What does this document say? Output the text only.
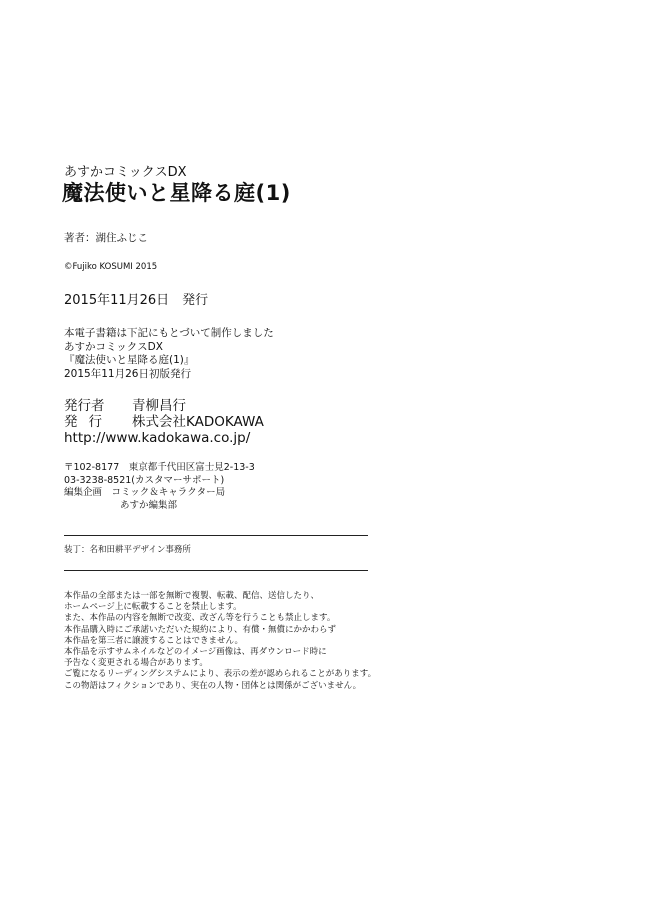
あすかコミックスDX
魔法使いと星降る庭(1)
著者：湖住ふじこ
©Fujiko KOSUMI 2015
2015年11月26日　発行
本電子書籍は下記にもとづいて制作しました
あすかコミックスDX
『魔法使いと星降る庭(1)』
2015年11月26日初版発行
発行者 青柳昌行
発行 株式会社KADOKAWA
http://www.kadokawa.co.jp/
〒102-8177　東京都千代田区富士見2-13-3
03-3238-8521(カスタマーサポート)
編集企画　コミック＆キャラクター局
あすか編集部
装丁：名和田耕平デザイン事務所
本作品の全部または一部を無断で複製、転載、配信、送信したり、
ホームページ上に転載することを禁止します。
また、本作品の内容を無断で改変、改ざん等を行うことも禁止します。
本作品購入時にご承諾いただいた規約により、有償・無償にかかわらず
本作品を第三者に譲渡することはできません。
本作品を示すサムネイルなどのイメージ画像は、再ダウンロード時に
予告なく変更される場合があります。
ご覧になるリーディングシステムにより、表示の差が認められることがあります。
この物語はフィクションであり、実在の人物・団体とは関係がございません。
